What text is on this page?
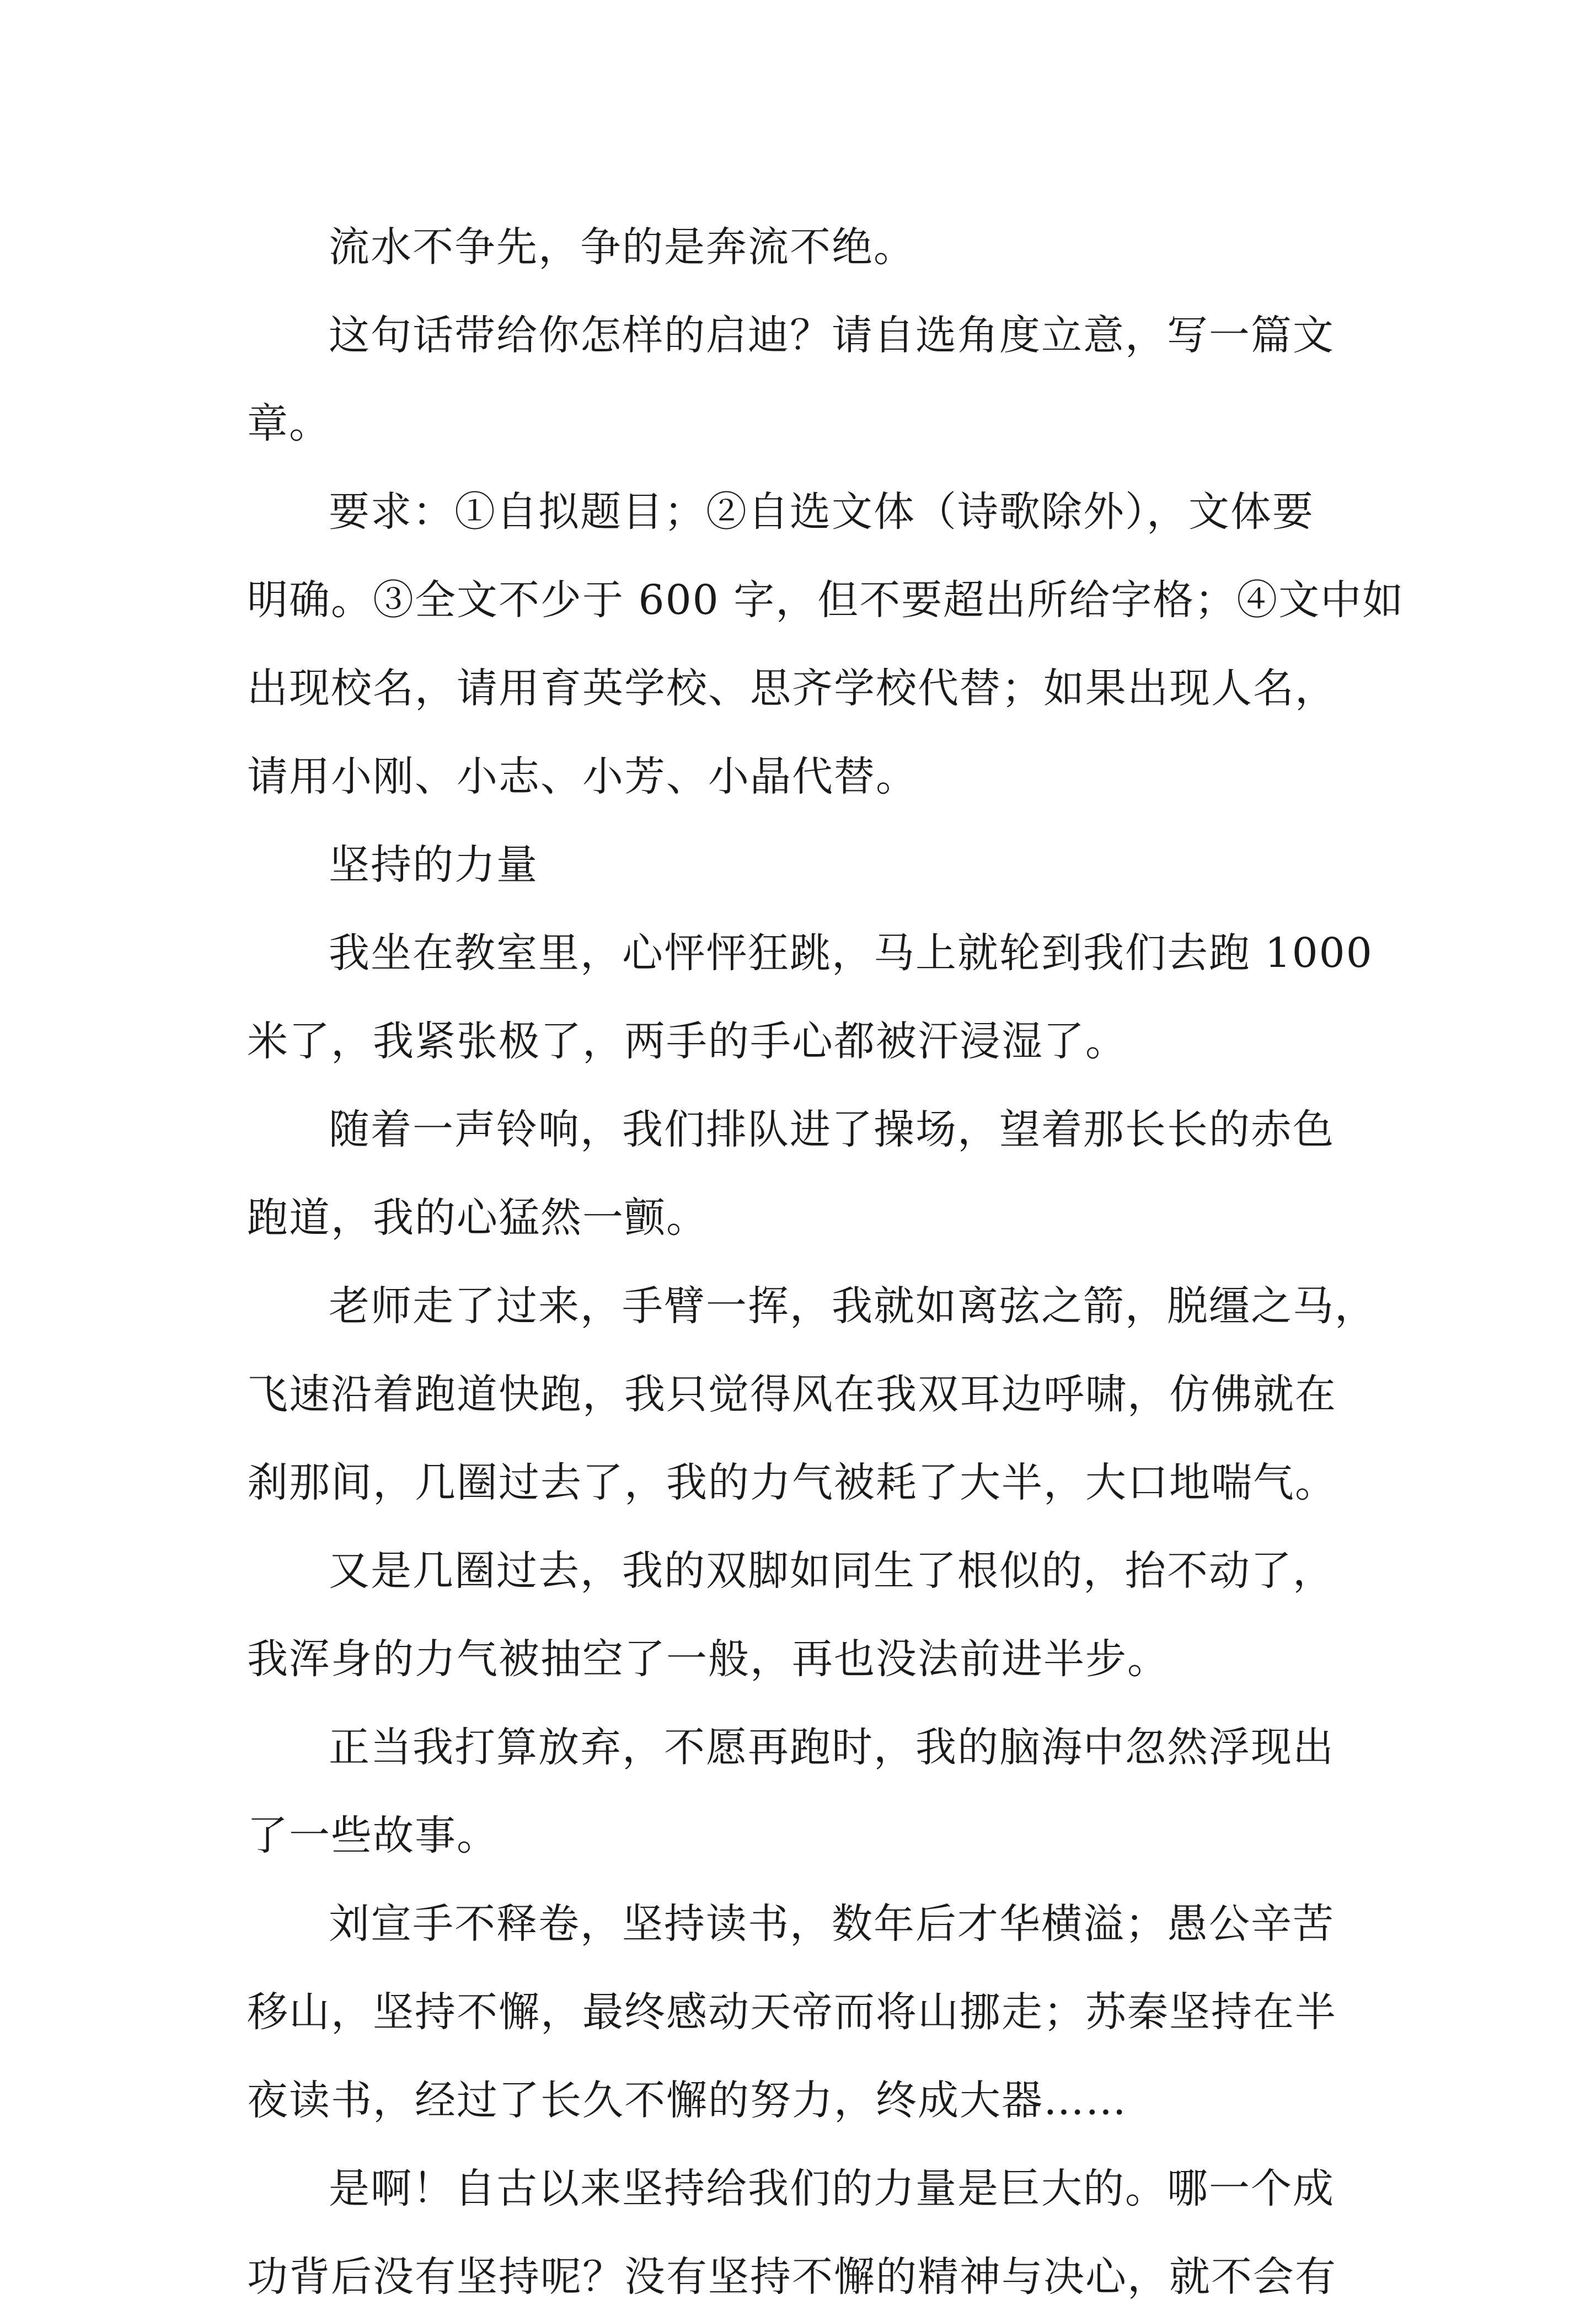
流水不争先，争的是奔流不绝。
这句话带给你怎样的启迪？请自选角度立意，写一篇文
章。
要求：①自拟题目；②自选文体（诗歌除外），文体要
明确。③全文不少于 600 字，但不要超出所给字格；④文中如
出现校名，请用育英学校、思齐学校代替；如果出现人名，
请用小刚、小志、小芳、小晶代替。
坚持的力量
我坐在教室里，心怦怦狂跳，马上就轮到我们去跑 1000
米了，我紧张极了，两手的手心都被汗浸湿了。
随着一声铃响，我们排队进了操场，望着那长长的赤色
跑道，我的心猛然一颤。
老师走了过来，手臂一挥，我就如离弦之箭，脱缰之马，
飞速沿着跑道快跑，我只觉得风在我双耳边呼啸，仿佛就在
刹那间，几圈过去了，我的力气被耗了大半，大口地喘气。
又是几圈过去，我的双脚如同生了根似的，抬不动了，
我浑身的力气被抽空了一般，再也没法前进半步。
正当我打算放弃，不愿再跑时，我的脑海中忽然浮现出
了一些故事。
刘宣手不释卷，坚持读书，数年后才华横溢；愚公辛苦
移山，坚持不懈，最终感动天帝而将山挪走；苏秦坚持在半
夜读书，经过了长久不懈的努力，终成大器……
是啊！自古以来坚持给我们的力量是巨大的。哪一个成
功背后没有坚持呢？没有坚持不懈的精神与决心，就不会有
